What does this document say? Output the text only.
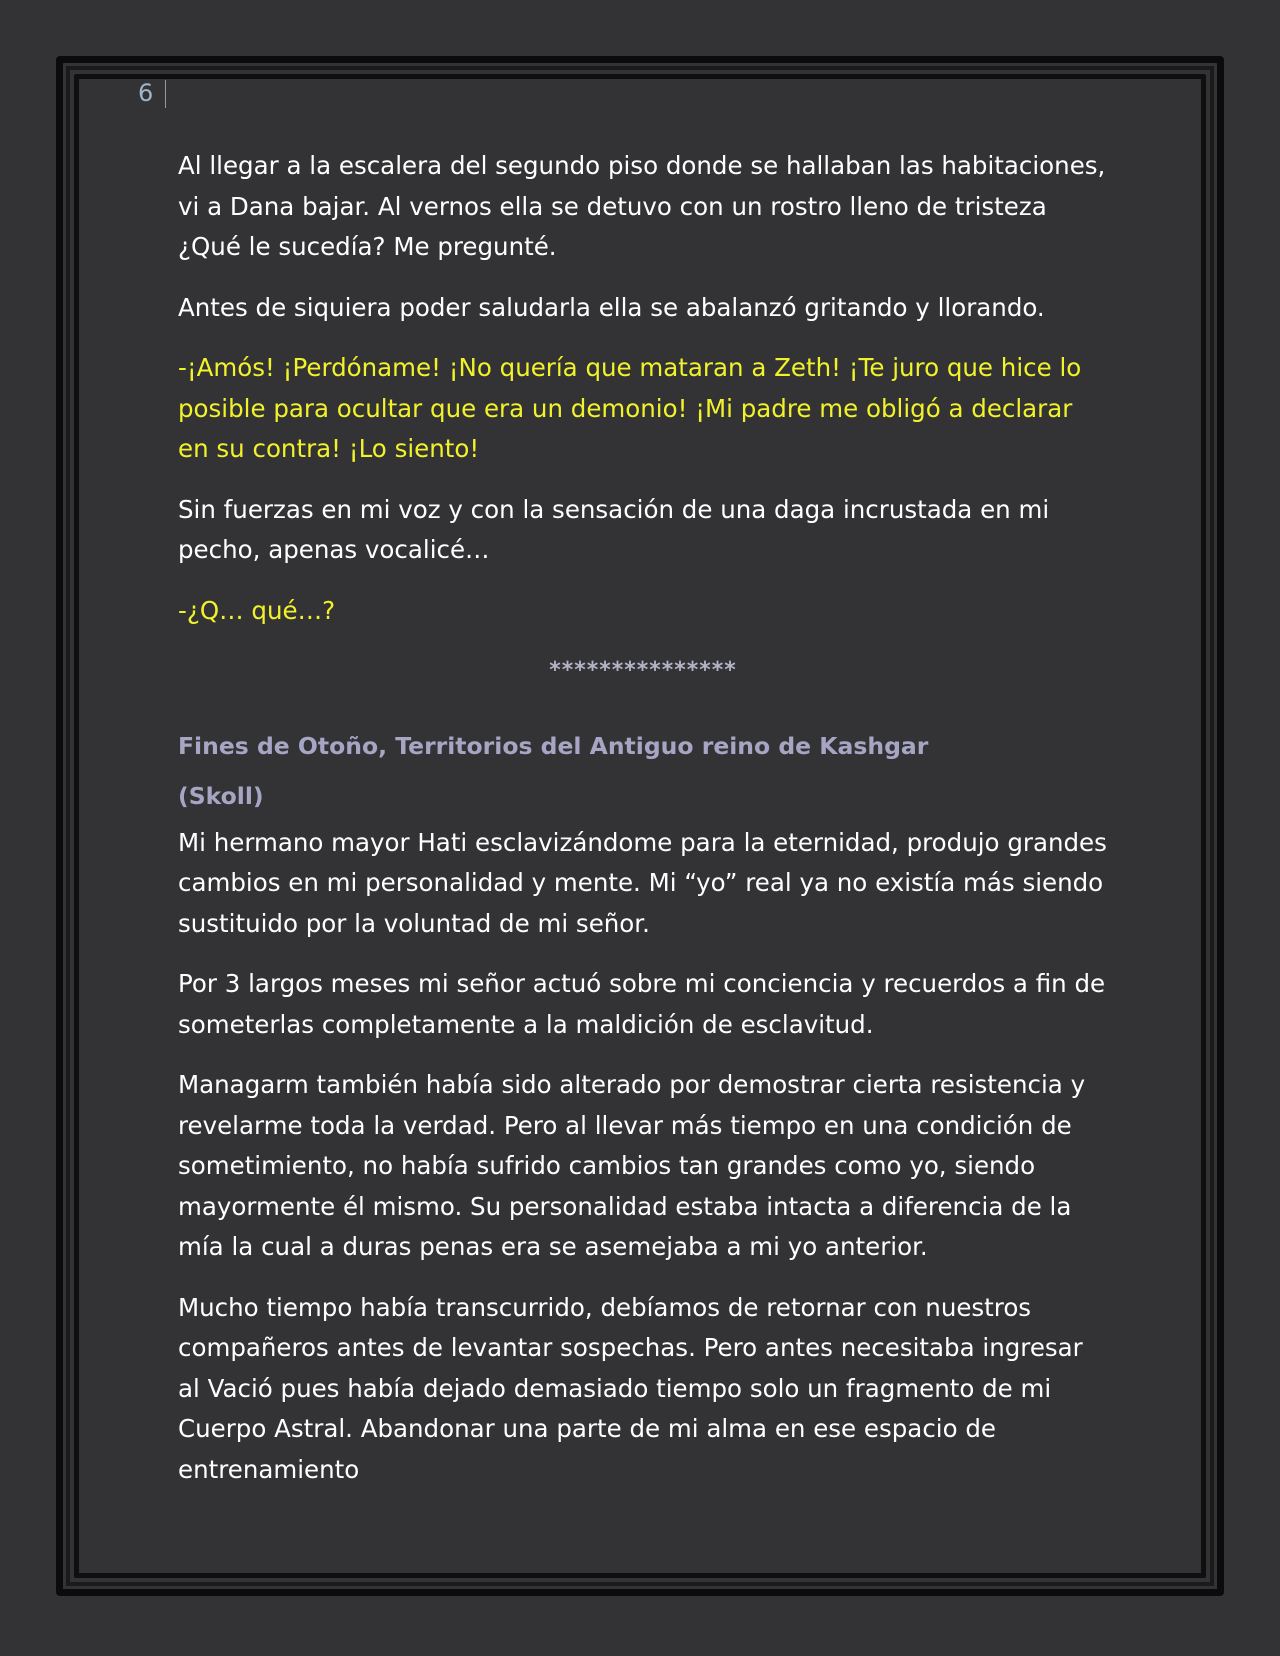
6

Al llegar a la escalera del segundo piso donde se hallaban las habitaciones, vi a Dana bajar. Al vernos ella se detuvo con un rostro lleno de tristeza ¿Qué le sucedía? Me pregunté.

Antes de siquiera poder saludarla ella se abalanzó gritando y llorando.

-¡Amós! ¡Perdóname! ¡No quería que mataran a Zeth! ¡Te juro que hice lo posible para ocultar que era un demonio! ¡Mi padre me obligó a declarar en su contra! ¡Lo siento!

Sin fuerzas en mi voz y con la sensación de una daga incrustada en mi pecho, apenas vocalicé…

-¿Q… qué…?

***************

Fines de Otoño, Territorios del Antiguo reino de Kashgar

(Skoll)

Mi hermano mayor Hati esclavizándome para la eternidad, produjo grandes cambios en mi personalidad y mente. Mi “yo” real ya no existía más siendo sustituido por la voluntad de mi señor.

Por 3 largos meses mi señor actuó sobre mi conciencia y recuerdos a fin de someterlas completamente a la maldición de esclavitud.

Managarm también había sido alterado por demostrar cierta resistencia y revelarme toda la verdad. Pero al llevar más tiempo en una condición de sometimiento, no había sufrido cambios tan grandes como yo, siendo mayormente él mismo. Su personalidad estaba intacta a diferencia de la mía la cual a duras penas era se asemejaba a mi yo anterior.

Mucho tiempo había transcurrido, debíamos de retornar con nuestros compañeros antes de levantar sospechas. Pero antes necesitaba ingresar al Vació pues había dejado demasiado tiempo solo un fragmento de mi Cuerpo Astral. Abandonar una parte de mi alma en ese espacio de entrenamiento
